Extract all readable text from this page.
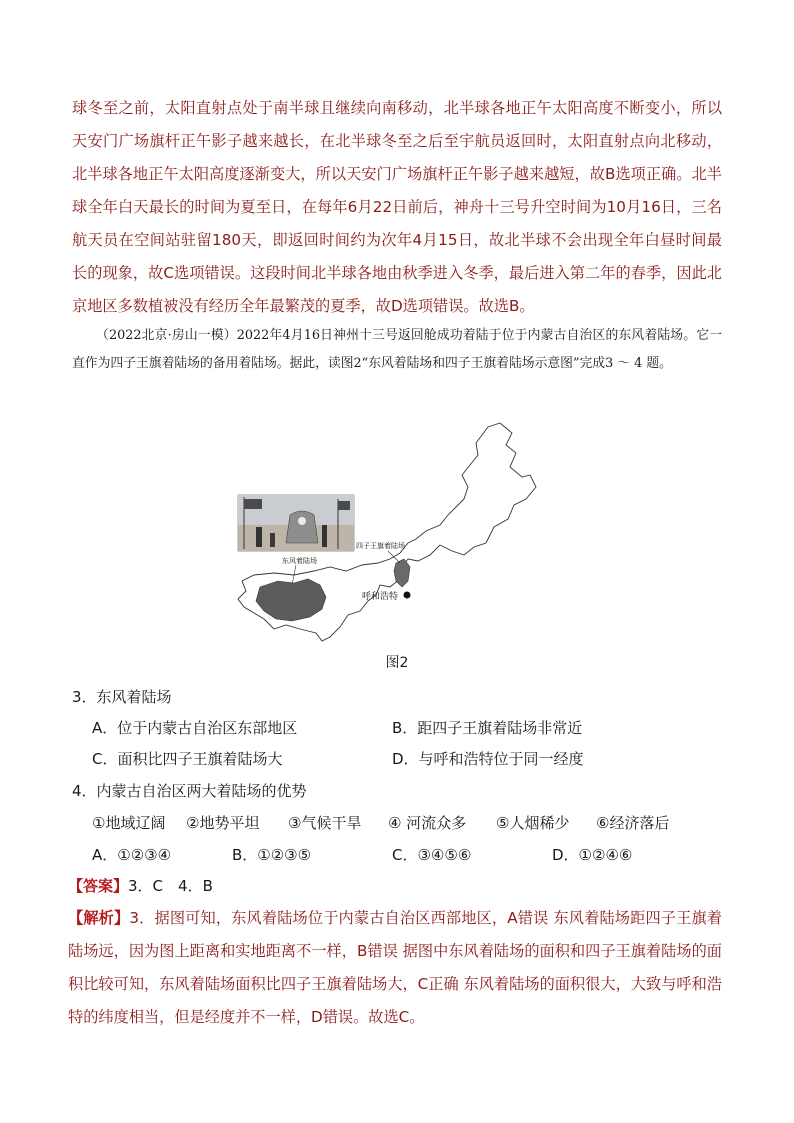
球冬至之前，太阳直射点处于南半球且继续向南移动，北半球各地正午太阳高度不断变小，所以天安门广场旗杆正午影子越来越长，在北半球冬至之后至宇航员返回时，太阳直射点向北移动，北半球各地正午太阳高度逐渐变大，所以天安门广场旗杆正午影子越来越短，故B选项正确。北半球全年白天最长的时间为夏至日，在每年6月22日前后，神舟十三号升空时间为10月16日，三名航天员在空间站驻留180天，即返回时间约为次年4月15日，故北半球不会出现全年白昼时间最长的现象，故C选项错误。这段时间北半球各地由秋季进入冬季，最后进入第二年的春季，因此北京地区多数植被没有经历全年最繁茂的夏季，故D选项错误。故选B。
（2022北京·房山一模）2022年4月16日神州十三号返回舱成功着陆于位于内蒙古自治区的东风着陆场。它一直作为四子王旗着陆场的备用着陆场。据此，读图2“东风着陆场和四子王旗着陆场示意图”完成3 ～ 4 题。
呼和浩特
四子王旗着陆场
东风着陆场
图2
3．东风着陆场
A．位于内蒙古自治区东部地区	B．距四子王旗着陆场非常近
C．面积比四子王旗着陆场大	D．与呼和浩特位于同一经度
4．内蒙古自治区两大着陆场的优势
①地域辽阔 ②地势平坦 ③气候干旱 ④ 河流众多 ⑤人烟稀少 ⑥经济落后
A．①②③④	B．①②③⑤	C．③④⑤⑥	D．①②④⑥
【答案】3．C　4．B
【解析】3．据图可知，东风着陆场位于内蒙古自治区西部地区，A错误 东风着陆场距四子王旗着陆场远，因为图上距离和实地距离不一样，B错误 据图中东风着陆场的面积和四子王旗着陆场的面积比较可知，东风着陆场面积比四子王旗着陆场大，C正确 东风着陆场的面积很大，大致与呼和浩特的纬度相当，但是经度并不一样，D错误。故选C。
